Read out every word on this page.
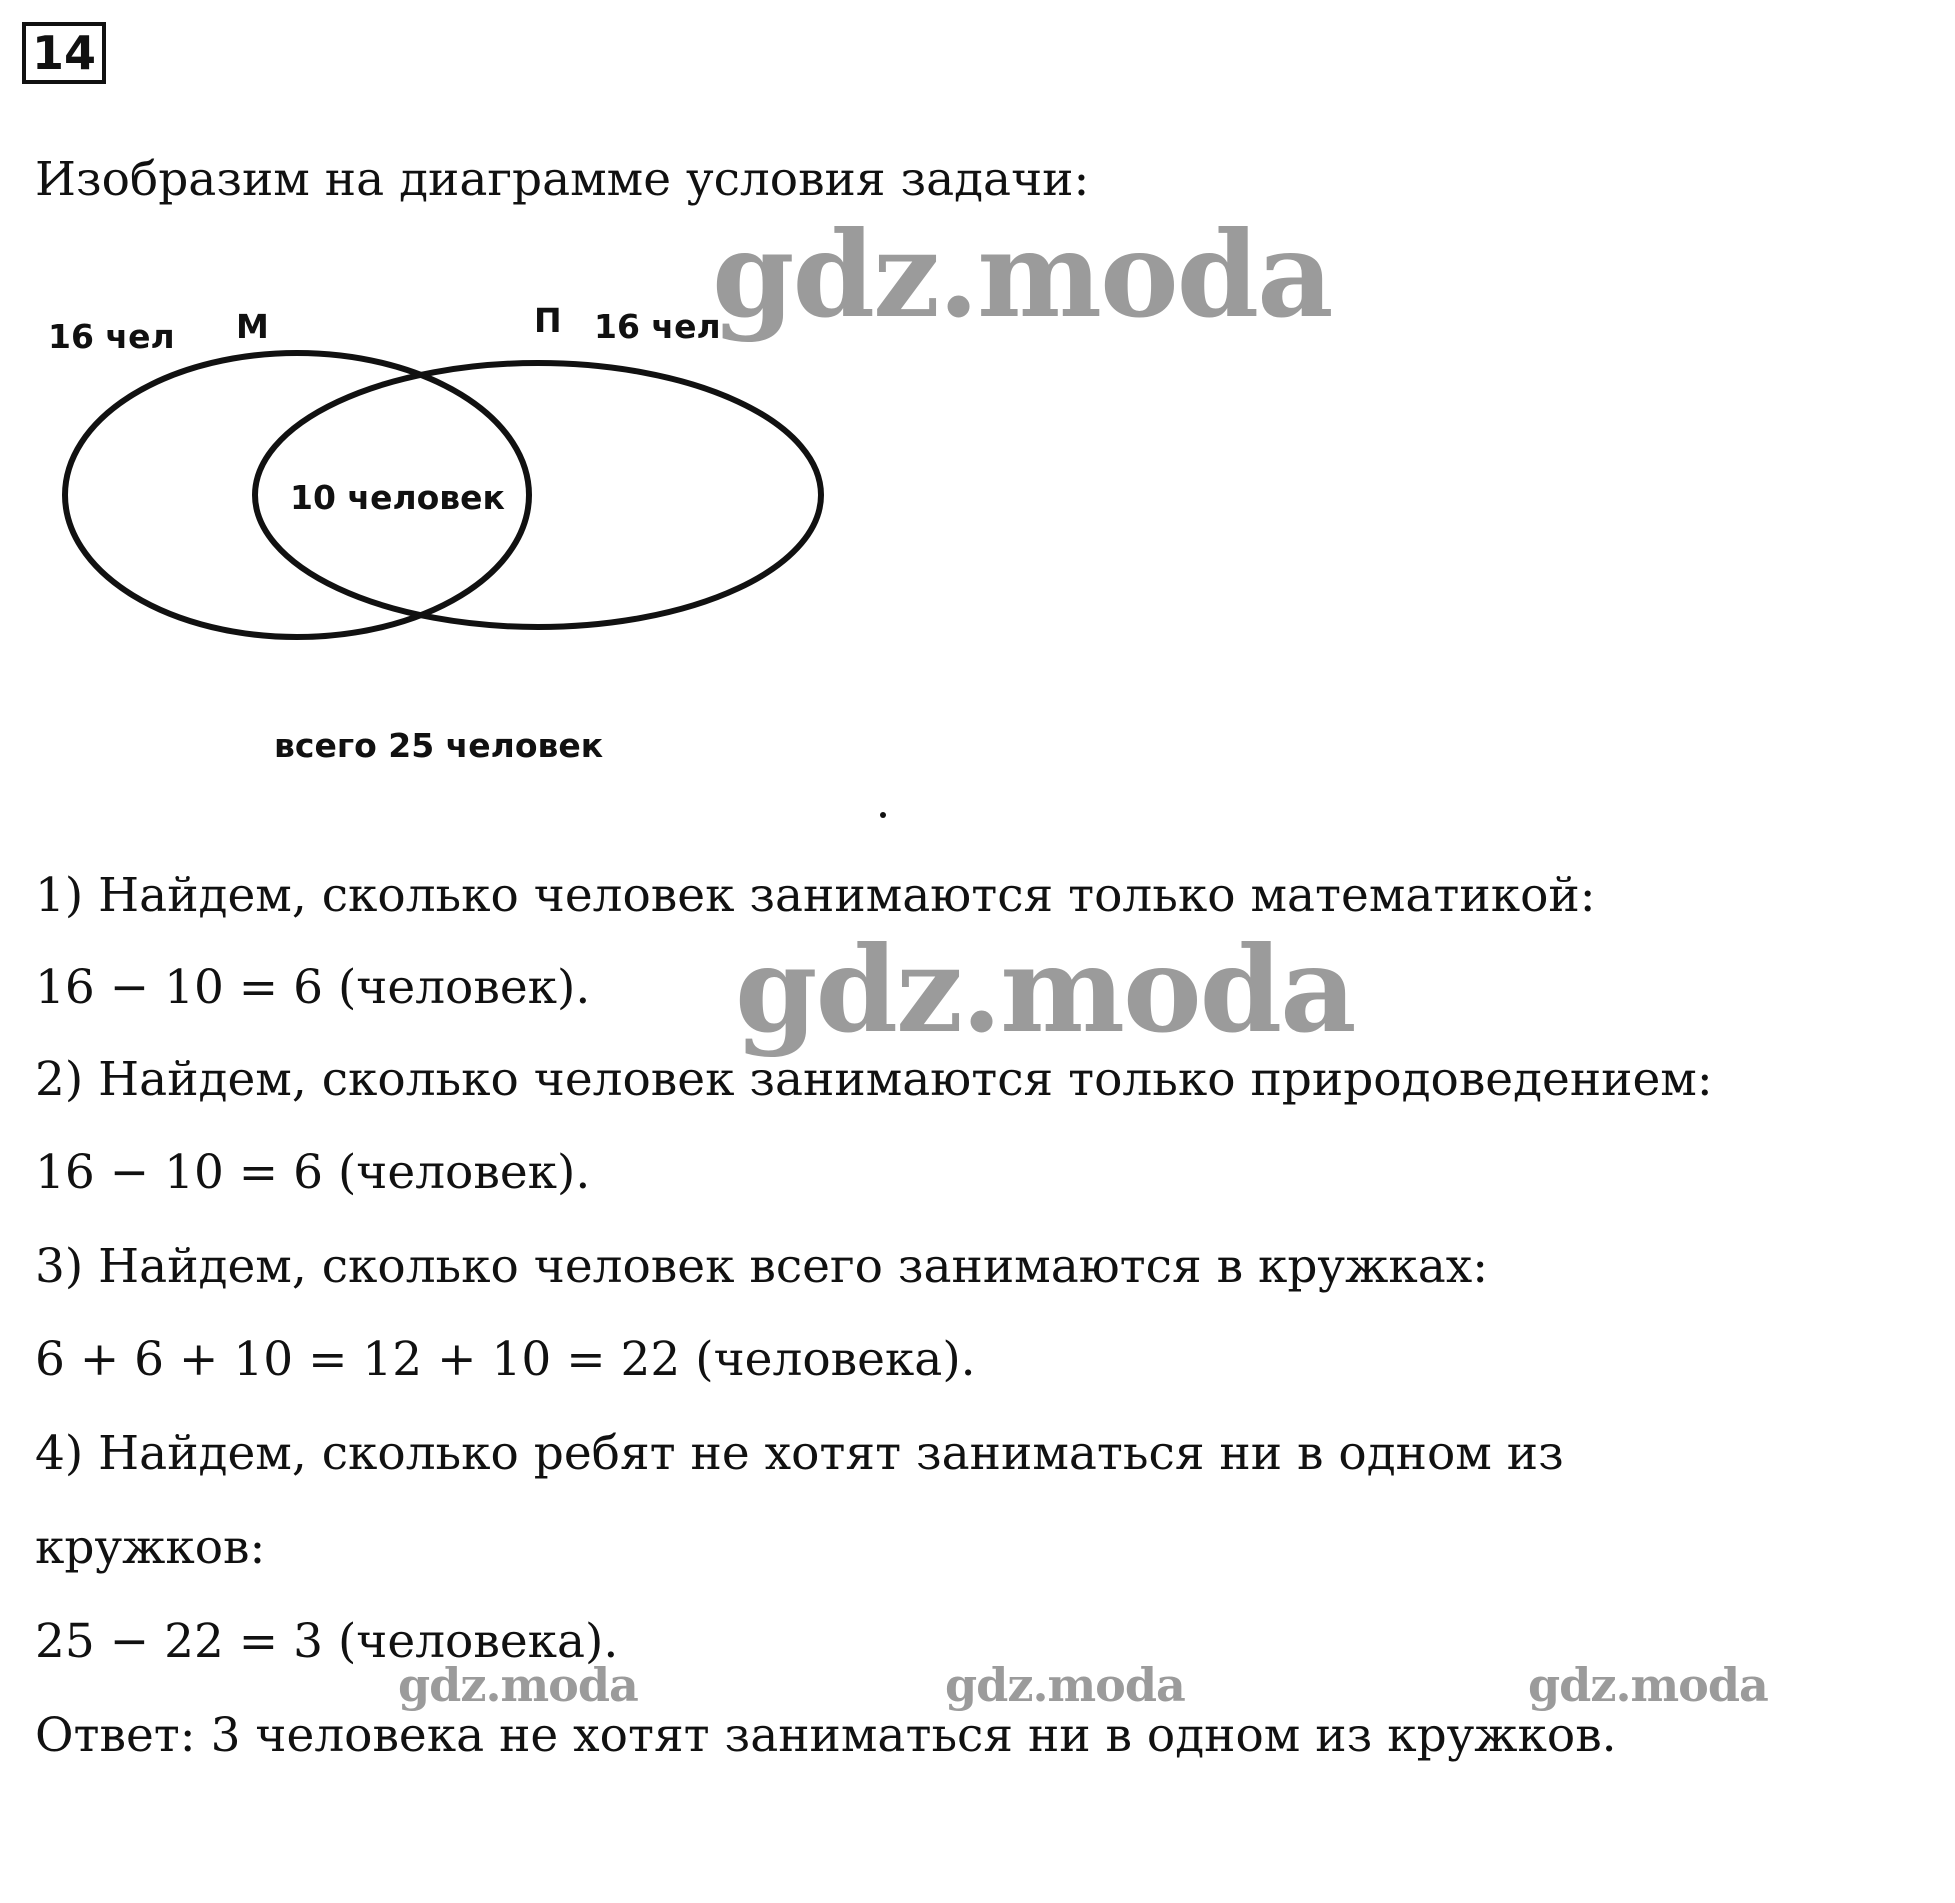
14
Изобразим на диаграмме условия задачи:
16 чел М	П 16 чел
10 человек
всего 25 человек
1) Найдем, сколько человек занимаются только математикой:
16 − 10 = 6 (человек).
2) Найдем, сколько человек занимаются только природоведением:
16 − 10 = 6 (человек).
3) Найдем, сколько человек всего занимаются в кружках:
6 + 6 + 10 = 12 + 10 = 22 (человека).
4) Найдем, сколько ребят не хотят заниматься ни в одном из
кружков:
25 − 22 = 3 (человека).
Ответ: 3 человека не хотят заниматься ни в одном из кружков.
gdz.moda
gdz.moda
gdz.moda	gdz.moda	gdz.moda
